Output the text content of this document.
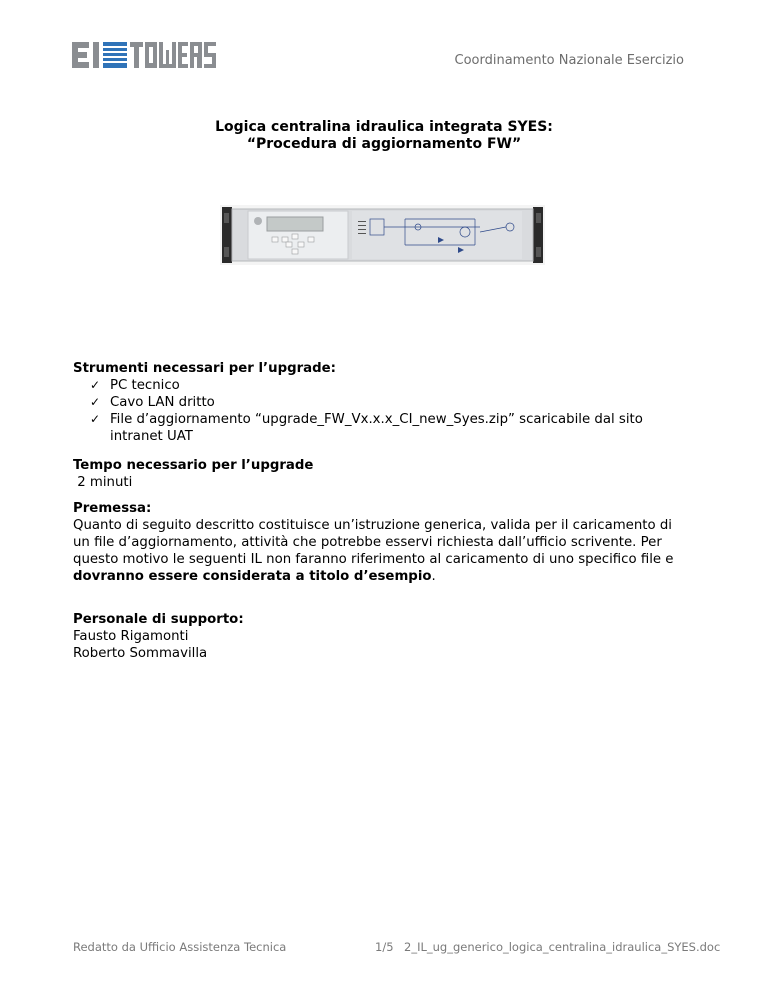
Coordinamento Nazionale Esercizio
Logica centralina idraulica integrata SYES:
“Procedura di aggiornamento FW”
Strumenti necessari per l’upgrade:
✓ PC tecnico
✓ Cavo LAN dritto
✓ File d’aggiornamento “upgrade_FW_Vx.x.x_CI_new_Syes.zip” scaricabile dal sito intranet UAT
Tempo necessario per l’upgrade
2 minuti
Premessa:
Quanto di seguito descritto costituisce un’istruzione generica, valida per il caricamento di un file d’aggiornamento, attività che potrebbe esservi richiesta dall’ufficio scrivente. Per questo motivo le seguenti IL non faranno riferimento al caricamento di uno specifico file e dovranno essere considerata a titolo d’esempio.
Personale di supporto:
Fausto Rigamonti
Roberto Sommavilla
Redatto da Ufficio Assistenza Tecnica	1/5 2_IL_ug_generico_logica_centralina_idraulica_SYES.doc
